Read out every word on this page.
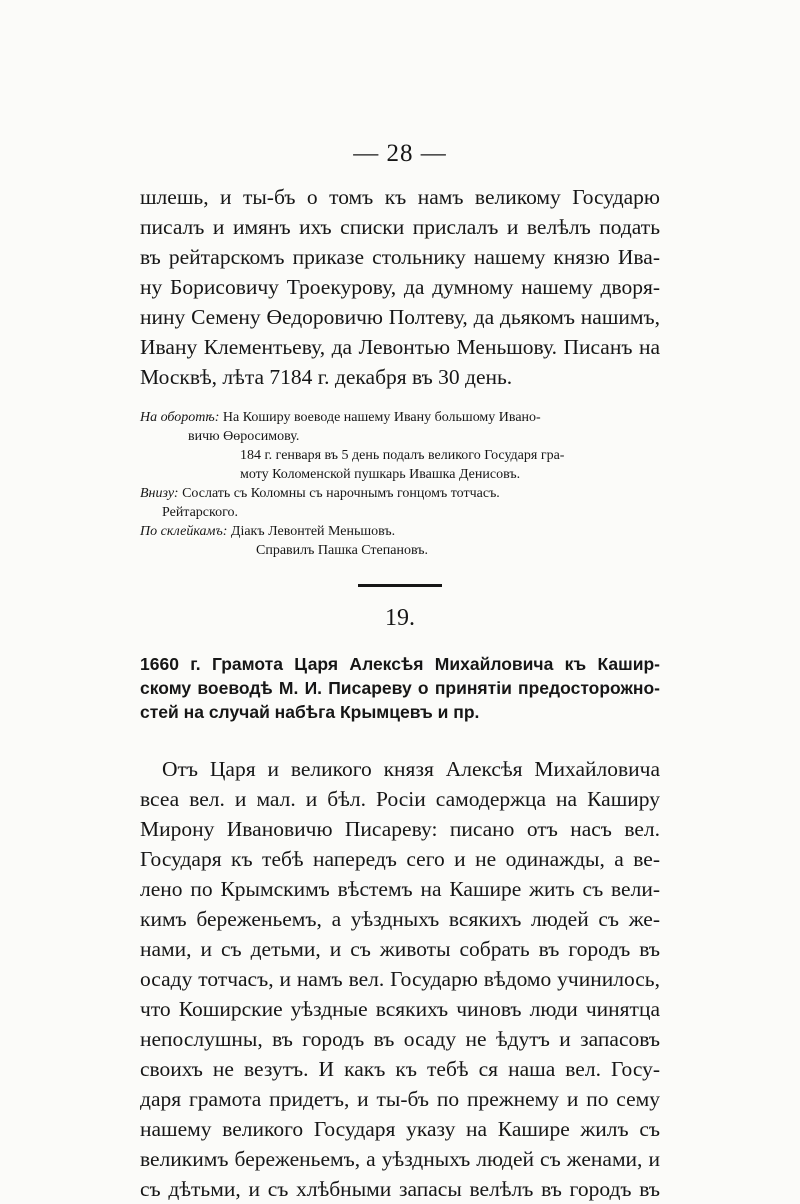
— 28 —

шлешь, и ты-бъ о томъ къ намъ великому Государю
писалъ и имянъ ихъ списки прислалъ и велѣлъ подать
въ рейтарскомъ приказе стольнику нашему князю Ива-
ну Борисовичу Троекурову, да думному нашему дворя-
нину Семену Өедоровичю Полтеву, да дьякомъ нашимъ,
Ивану Клементьеву, да Левонтью Меньшову. Писанъ на
Москвѣ, лѣта 7184 г. декабря въ 30 день.

На оборотѣ: На Коширу воеводе нашему Ивану большому Ивано-
вичю Өөросимову.
184 г. генваря въ 5 день подалъ великого Государя гра-
моту Коломенской пушкарь Ивашка Денисовъ.
Внизу: Сослать съ Коломны съ нарочнымъ гонцомъ тотчасъ.
Рейтарского.
По склейкамъ: Діакъ Левонтей Меньшовъ.
Справилъ Пашка Степановъ.
19.

1660 г. Грамота Царя Алексѣя Михайловича къ Кашир-
скому воеводѣ М. И. Писареву о принятіи предосторожно-
стей на случай набѣга Крымцевъ и пр.

Отъ Царя и великого князя Алексѣя Михайловича
всеа вел. и мал. и бѣл. Росіи самодержца на Каширу
Мирону Ивановичю Писареву: писано отъ насъ вел.
Государя къ тебѣ напередъ сего и не одинажды, а ве-
лено по Крымскимъ вѣстемъ на Кашире жить съ вели-
кимъ береженьемъ, а уѣздныхъ всякихъ людей съ же-
нами, и съ детьми, и съ животы собрать въ городъ въ
осаду тотчасъ, и намъ вел. Государю вѣдомо учинилось,
что Коширские уѣздные всякихъ чиновъ люди чинятца
непослушны, въ городъ въ осаду не ѣдутъ и запасовъ
своихъ не везутъ. И какъ къ тебѣ ся наша вел. Госу-
даря грамота придетъ, и ты-бъ по прежнему и по сему
нашему великого Государя указу на Кашире жилъ съ
великимъ береженьемъ, а уѣздныхъ людей съ женами, и
съ дѣтьми, и съ хлѣбными запасы велѣлъ въ городъ въ
